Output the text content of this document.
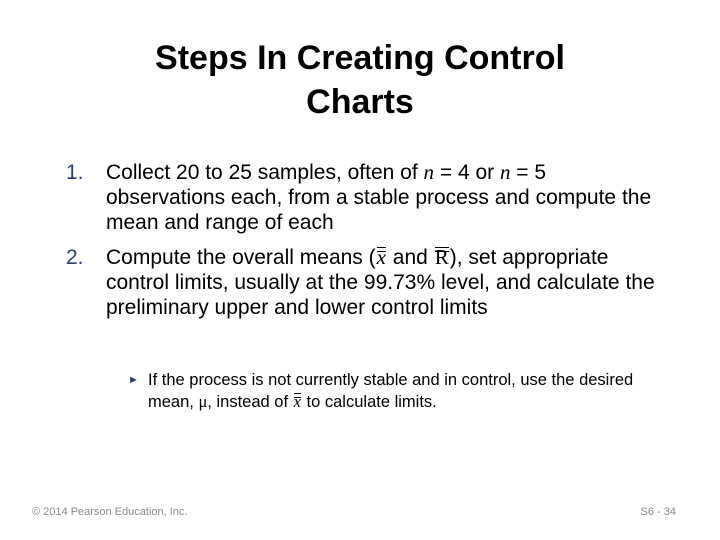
Steps In Creating Control
Charts
1. Collect 20 to 25 samples, often of n = 4 or n = 5 observations each, from a stable process and compute the mean and range of each
2. Compute the overall means (x and R), set appropriate control limits, usually at the 99.73% level, and calculate the preliminary upper and lower control limits
► If the process is not currently stable and in control, use the desired mean, μ, instead of x to calculate limits.
© 2014 Pearson Education, Inc.	S6 - 34
